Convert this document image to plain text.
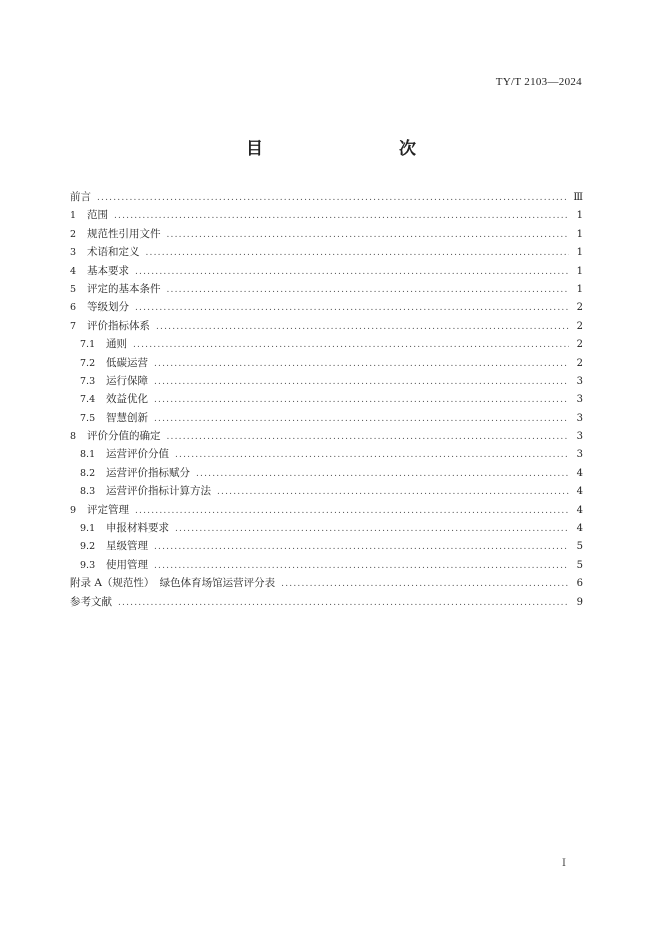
TY/T 2103—2024
目　　次
前言 .....	Ⅲ
1	范围 .....	1
2	规范性引用文件 .....	1
3	术语和定义 .....	1
4	基本要求 .....	1
5	评定的基本条件 .....	1
6	等级划分 .....	2
7	评价指标体系 .....	2
7.1	通则 .....	2
7.2	低碳运营 .....	2
7.3	运行保障 .....	3
7.4	效益优化 .....	3
7.5	智慧创新 .....	3
8	评价分值的确定 .....	3
8.1	运营评价分值 .....	3
8.2	运营评价指标赋分 .....	4
8.3	运营评价指标计算方法 .....	4
9	评定管理 .....	4
9.1	申报材料要求 .....	4
9.2	星级管理 .....	5
9.3	使用管理 .....	5
附录 A（规范性）　绿色体育场馆运营评分表 .....	6
参考文献 .....	9
I
